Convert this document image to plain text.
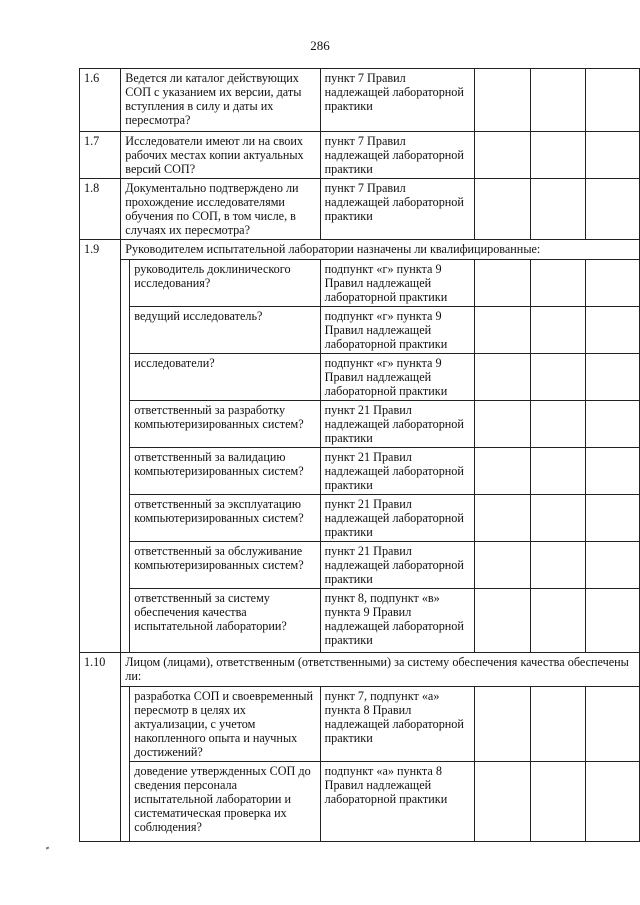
286
1.6	Ведется ли каталог действующих СОП с указанием их версии, даты вступления в силу и даты их пересмотра?		пункт 7 Правил надлежащей лабораторной практики			
1.7	Исследователи имеют ли на своих рабочих местах копии актуальных версий СОП?		пункт 7 Правил надлежащей лабораторной практики			
1.8	Документально подтверждено ли прохождение исследователями обучения по СОП, в том числе, в случаях их пересмотра?		пункт 7 Правил надлежащей лабораторной практики			
1.9	Руководителем испытательной лаборатории назначены ли квалифицированные:					
		руководитель доклинического исследования?	подпункт «г» пункта 9 Правил надлежащей лабораторной практики			
		ведущий исследователь?	подпункт «г» пункта 9 Правил надлежащей лабораторной практики			
		исследователи?	подпункт «г» пункта 9 Правил надлежащей лабораторной практики			
		ответственный за разработку компьютеризированных систем?	пункт 21 Правил надлежащей лабораторной практики			
		ответственный за валидацию компьютеризированных систем?	пункт 21 Правил надлежащей лабораторной практики			
		ответственный за эксплуатацию компьютеризированных систем?	пункт 21 Правил надлежащей лабораторной практики			
		ответственный за обслуживание компьютеризированных систем?	пункт 21 Правил надлежащей лабораторной практики			
		ответственный за систему обеспечения качества испытательной лаборатории?	пункт 8, подпункт «в» пункта 9 Правил надлежащей лабораторной практики			
1.10	Лицом (лицами), ответственным (ответственными) за систему обеспечения качества обеспечены ли:					
		разработка СОП и своевременный пересмотр в целях их актуализации, с учетом накопленного опыта и научных достижений?	пункт 7, подпункт «а» пункта 8 Правил надлежащей лабораторной практики			
		доведение утвержденных СОП до сведения персонала испытательной лаборатории и систематическая проверка их соблюдения?	подпункт «а» пункта 8 Правил надлежащей лабораторной практики			
